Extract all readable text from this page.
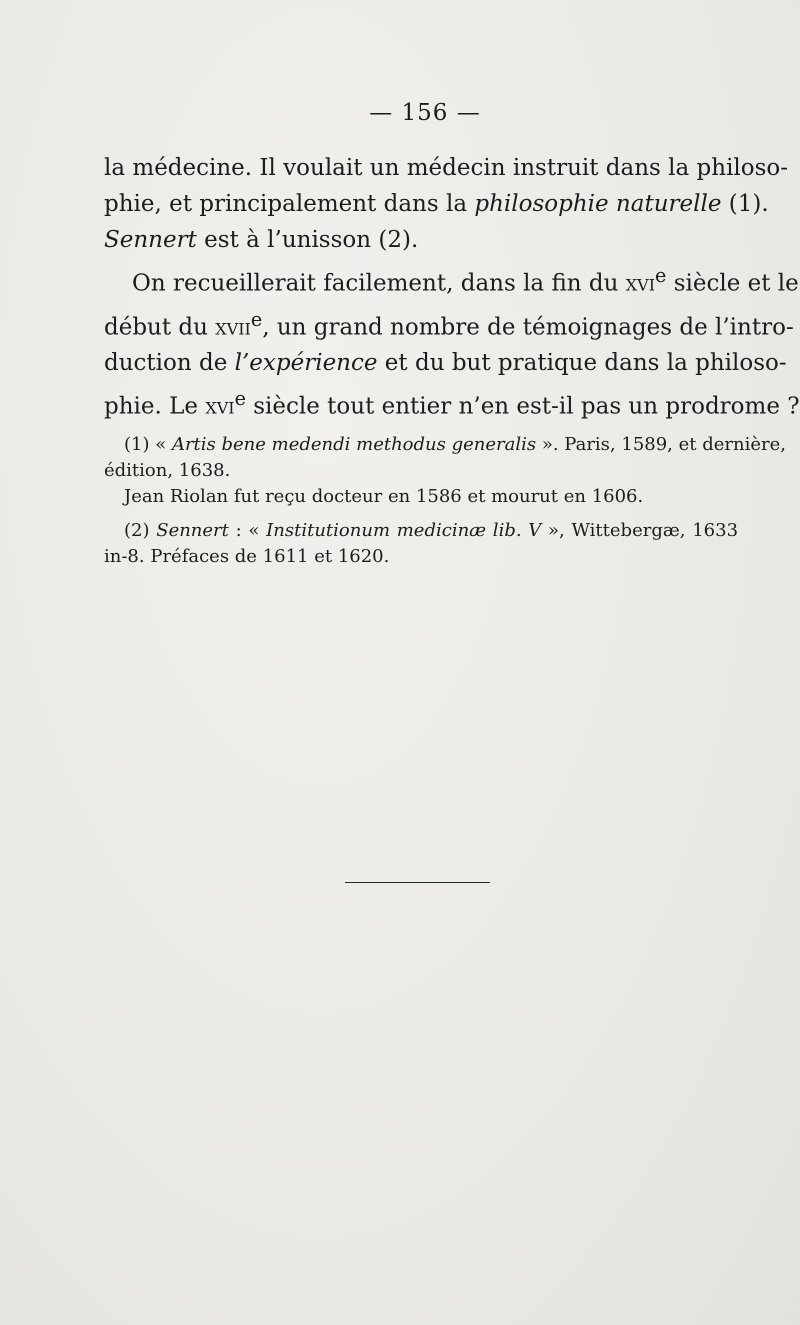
— 156 —
la médecine. Il voulait un médecin instruit dans la philoso-
phie, et principalement dans la philosophie naturelle (1).
Sennert est à l’unisson (2).
On recueillerait facilement, dans la fin du xvi$^e$ siècle et le
début du xvii$^e$, un grand nombre de témoignages de l’intro-
duction de l’expérience et du but pratique dans la philoso-
phie. Le xvi$^e$ siècle tout entier n’en est-il pas un prodrome ?
(1) « Artis bene medendi methodus generalis ». Paris, 1589, et dernière,
édition, 1638.
Jean Riolan fut reçu docteur en 1586 et mourut en 1606.
(2) Sennert : « Institutionum medicinæ lib. V », Wittebergæ, 1633
in-8. Préfaces de 1611 et 1620.
